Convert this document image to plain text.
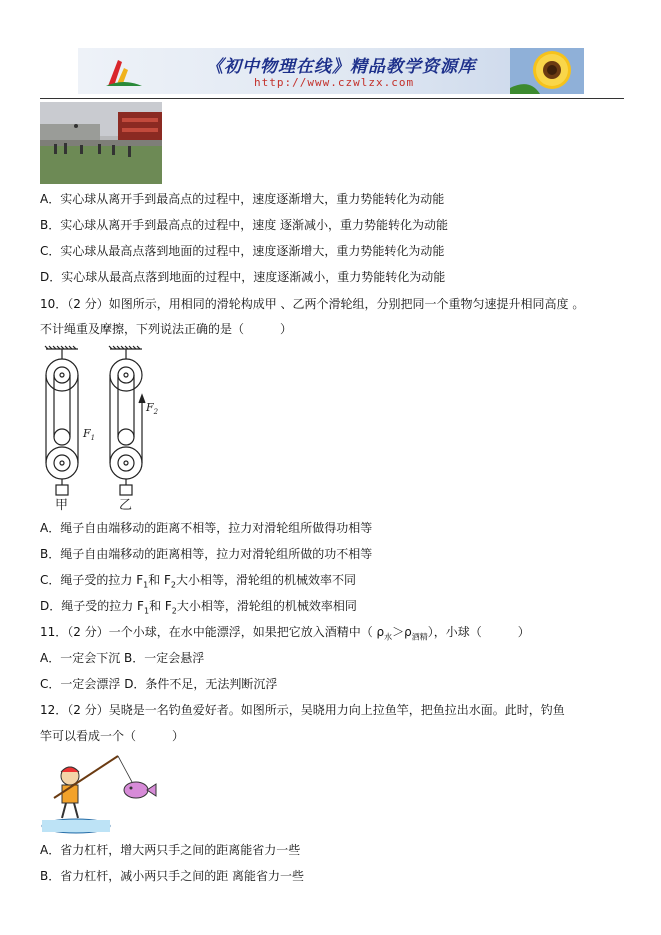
《初中物理在线》精品教学资源库
http://www.czwlzx.com
A．实心球从离开手到最高点的过程中，速度逐渐增大，重力势能转化为动能
B．实心球从离开手到最高点的过程中，速度 逐渐减小，重力势能转化为动能
C．实心球从最高点落到地面的过程中，速度逐渐增大，重力势能转化为动能
D．实心球从最高点落到地面的过程中，速度逐渐减小，重力势能转化为动能
10．（2 分）如图所示，用相同的滑轮构成甲 、乙两个滑轮组，分别把同一个重物匀速提升相同高度 。
不计绳重及摩擦，下列说法正确的是（　　　）
$F_1$
$F_2$
甲	乙
A．绳子自由端移动的距离不相等，拉力对滑轮组所做得功相等
B．绳子自由端移动的距离相等，拉力对滑轮组所做的功不相等
C．绳子受的拉力 $F_1$和 $F_2$大小相等，滑轮组的机械效率不同
D．绳子受的拉力 $F_1$和 $F_2$大小相等，滑轮组的机械效率相同
11．（2 分）一个小球，在水中能漂浮，如果把它放入酒精中（ $\rho_水>\rho_{酒精}$），小球（　　　）
A．一定会下沉 B．一定会悬浮
C．一定会漂浮 D．条件不足，无法判断沉浮
12．（2 分）吴晓是一名钓鱼爱好者。如图所示，吴晓用力向上拉鱼竿，把鱼拉出水面。此时，钓鱼
竿可以看成一个（　　　）
A．省力杠杆，增大两只手之间的距离能省力一些
B．省力杠杆，减小两只手之间的距 离能省力一些
